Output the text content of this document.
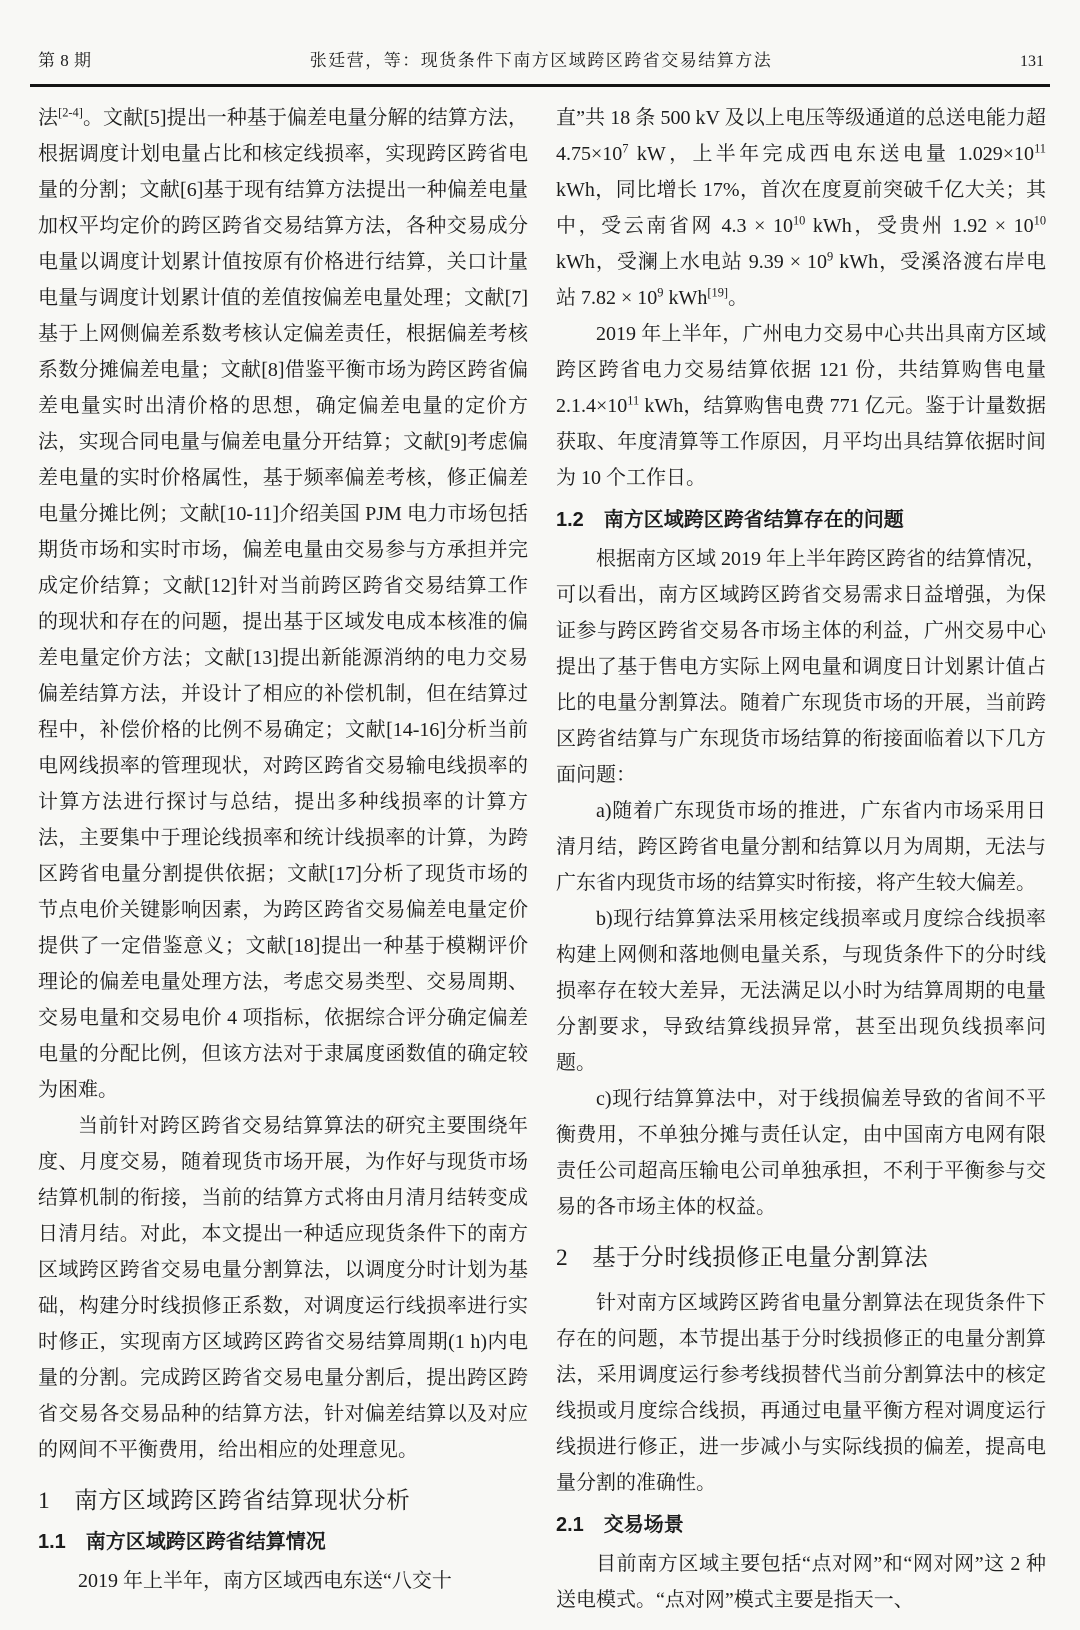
第 8 期	张廷营，等：现货条件下南方区域跨区跨省交易结算方法	131

法[2-4]。文献[5]提出一种基于偏差电量分解的结算方法，根据调度计划电量占比和核定线损率，实现跨区跨省电量的分割；文献[6]基于现有结算方法提出一种偏差电量加权平均定价的跨区跨省交易结算方法，各种交易成分电量以调度计划累计值按原有价格进行结算，关口计量电量与调度计划累计值的差值按偏差电量处理；文献[7]基于上网侧偏差系数考核认定偏差责任，根据偏差考核系数分摊偏差电量；文献[8]借鉴平衡市场为跨区跨省偏差电量实时出清价格的思想，确定偏差电量的定价方法，实现合同电量与偏差电量分开结算；文献[9]考虑偏差电量的实时价格属性，基于频率偏差考核，修正偏差电量分摊比例；文献[10-11]介绍美国 PJM 电力市场包括期货市场和实时市场，偏差电量由交易参与方承担并完成定价结算；文献[12]针对当前跨区跨省交易结算工作的现状和存在的问题，提出基于区域发电成本核准的偏差电量定价方法；文献[13]提出新能源消纳的电力交易偏差结算方法，并设计了相应的补偿机制，但在结算过程中，补偿价格的比例不易确定；文献[14-16]分析当前电网线损率的管理现状，对跨区跨省交易输电线损率的计算方法进行探讨与总结，提出多种线损率的计算方法，主要集中于理论线损率和统计线损率的计算，为跨区跨省电量分割提供依据；文献[17]分析了现货市场的节点电价关键影响因素，为跨区跨省交易偏差电量定价提供了一定借鉴意义；文献[18]提出一种基于模糊评价理论的偏差电量处理方法，考虑交易类型、交易周期、交易电量和交易电价 4 项指标，依据综合评分确定偏差电量的分配比例，但该方法对于隶属度函数值的确定较为困难。

当前针对跨区跨省交易结算算法的研究主要围绕年度、月度交易，随着现货市场开展，为作好与现货市场结算机制的衔接，当前的结算方式将由月清月结转变成日清月结。对此，本文提出一种适应现货条件下的南方区域跨区跨省交易电量分割算法，以调度分时计划为基础，构建分时线损修正系数，对调度运行线损率进行实时修正，实现南方区域跨区跨省交易结算周期(1 h)内电量的分割。完成跨区跨省交易电量分割后，提出跨区跨省交易各交易品种的结算方法，针对偏差结算以及对应的网间不平衡费用，给出相应的处理意见。

1　南方区域跨区跨省结算现状分析
1.1　南方区域跨区跨省结算情况

2019 年上半年，南方区域西电东送“八交十

直”共 18 条 500 kV 及以上电压等级通道的总送电能力超 $4.75\times 10^7$ kW，上半年完成西电东送电量 $1.029\times 10^{11}$ kWh，同比增长 17%，首次在度夏前突破千亿大关；其中，受云南省网 $4.3 \times 10^{10}$ kWh，受贵州 $1.92 \times 10^{10}$ kWh，受澜上水电站 $9.39 \times 10^9$ kWh，受溪洛渡右岸电站 $7.82 \times 10^9$ kWh[19]。

2019 年上半年，广州电力交易中心共出具南方区域跨区跨省电力交易结算依据 121 份，共结算购售电量 $2.1.4\times 10^{11}$ kWh，结算购售电费 771 亿元。鉴于计量数据获取、年度清算等工作原因，月平均出具结算依据时间为 10 个工作日。

1.2　南方区域跨区跨省结算存在的问题

根据南方区域 2019 年上半年跨区跨省的结算情况，可以看出，南方区域跨区跨省交易需求日益增强，为保证参与跨区跨省交易各市场主体的利益，广州交易中心提出了基于售电方实际上网电量和调度日计划累计值占比的电量分割算法。随着广东现货市场的开展，当前跨区跨省结算与广东现货市场结算的衔接面临着以下几方面问题：

a)随着广东现货市场的推进，广东省内市场采用日清月结，跨区跨省电量分割和结算以月为周期，无法与广东省内现货市场的结算实时衔接，将产生较大偏差。

b)现行结算算法采用核定线损率或月度综合线损率构建上网侧和落地侧电量关系，与现货条件下的分时线损率存在较大差异，无法满足以小时为结算周期的电量分割要求，导致结算线损异常，甚至出现负线损率问题。

c)现行结算算法中，对于线损偏差导致的省间不平衡费用，不单独分摊与责任认定，由中国南方电网有限责任公司超高压输电公司单独承担，不利于平衡参与交易的各市场主体的权益。

2　基于分时线损修正电量分割算法

针对南方区域跨区跨省电量分割算法在现货条件下存在的问题，本节提出基于分时线损修正的电量分割算法，采用调度运行参考线损替代当前分割算法中的核定线损或月度综合线损，再通过电量平衡方程对调度运行线损进行修正，进一步减小与实际线损的偏差，提高电量分割的准确性。

2.1　交易场景

目前南方区域主要包括“点对网”和“网对网”这 2 种送电模式。“点对网”模式主要是指天一、
